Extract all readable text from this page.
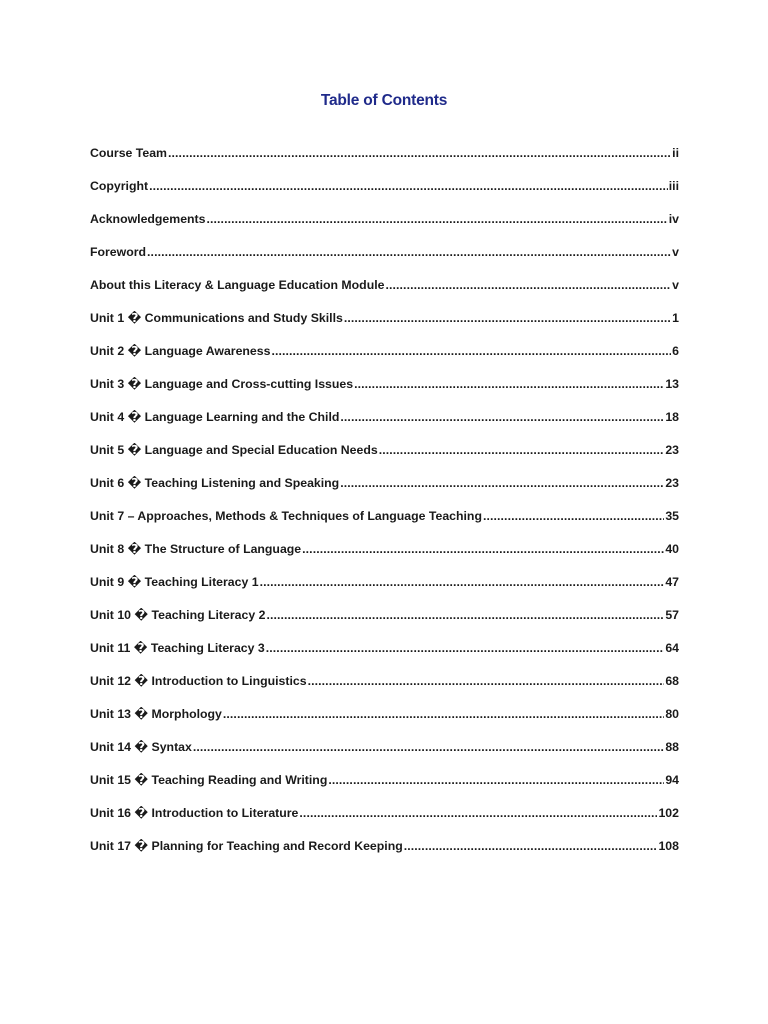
Table of Contents
Course Team .....	ii
Copyright .....	iii
Acknowledgements .....	iv
Foreword .....	v
About this Literacy & Language Education Module .....	v
Unit 1 � Communications and Study Skills .....	1
Unit 2 � Language Awareness .....	6
Unit 3 � Language and Cross-cutting Issues .....	13
Unit 4 � Language Learning and the Child .....	18
Unit 5 � Language and Special Education Needs .....	23
Unit 6 � Teaching Listening and Speaking .....	23
Unit 7 – Approaches, Methods & Techniques of Language Teaching .....	35
Unit 8 � The Structure of Language .....	40
Unit 9 � Teaching Literacy 1 .....	47
Unit 10 � Teaching Literacy 2 .....	57
Unit 11 � Teaching Literacy 3 .....	64
Unit 12 � Introduction to Linguistics .....	68
Unit 13 � Morphology .....	80
Unit 14 � Syntax .....	88
Unit 15 � Teaching Reading and Writing .....	94
Unit 16 � Introduction to Literature .....	102
Unit 17 � Planning for Teaching and Record Keeping .....	108
